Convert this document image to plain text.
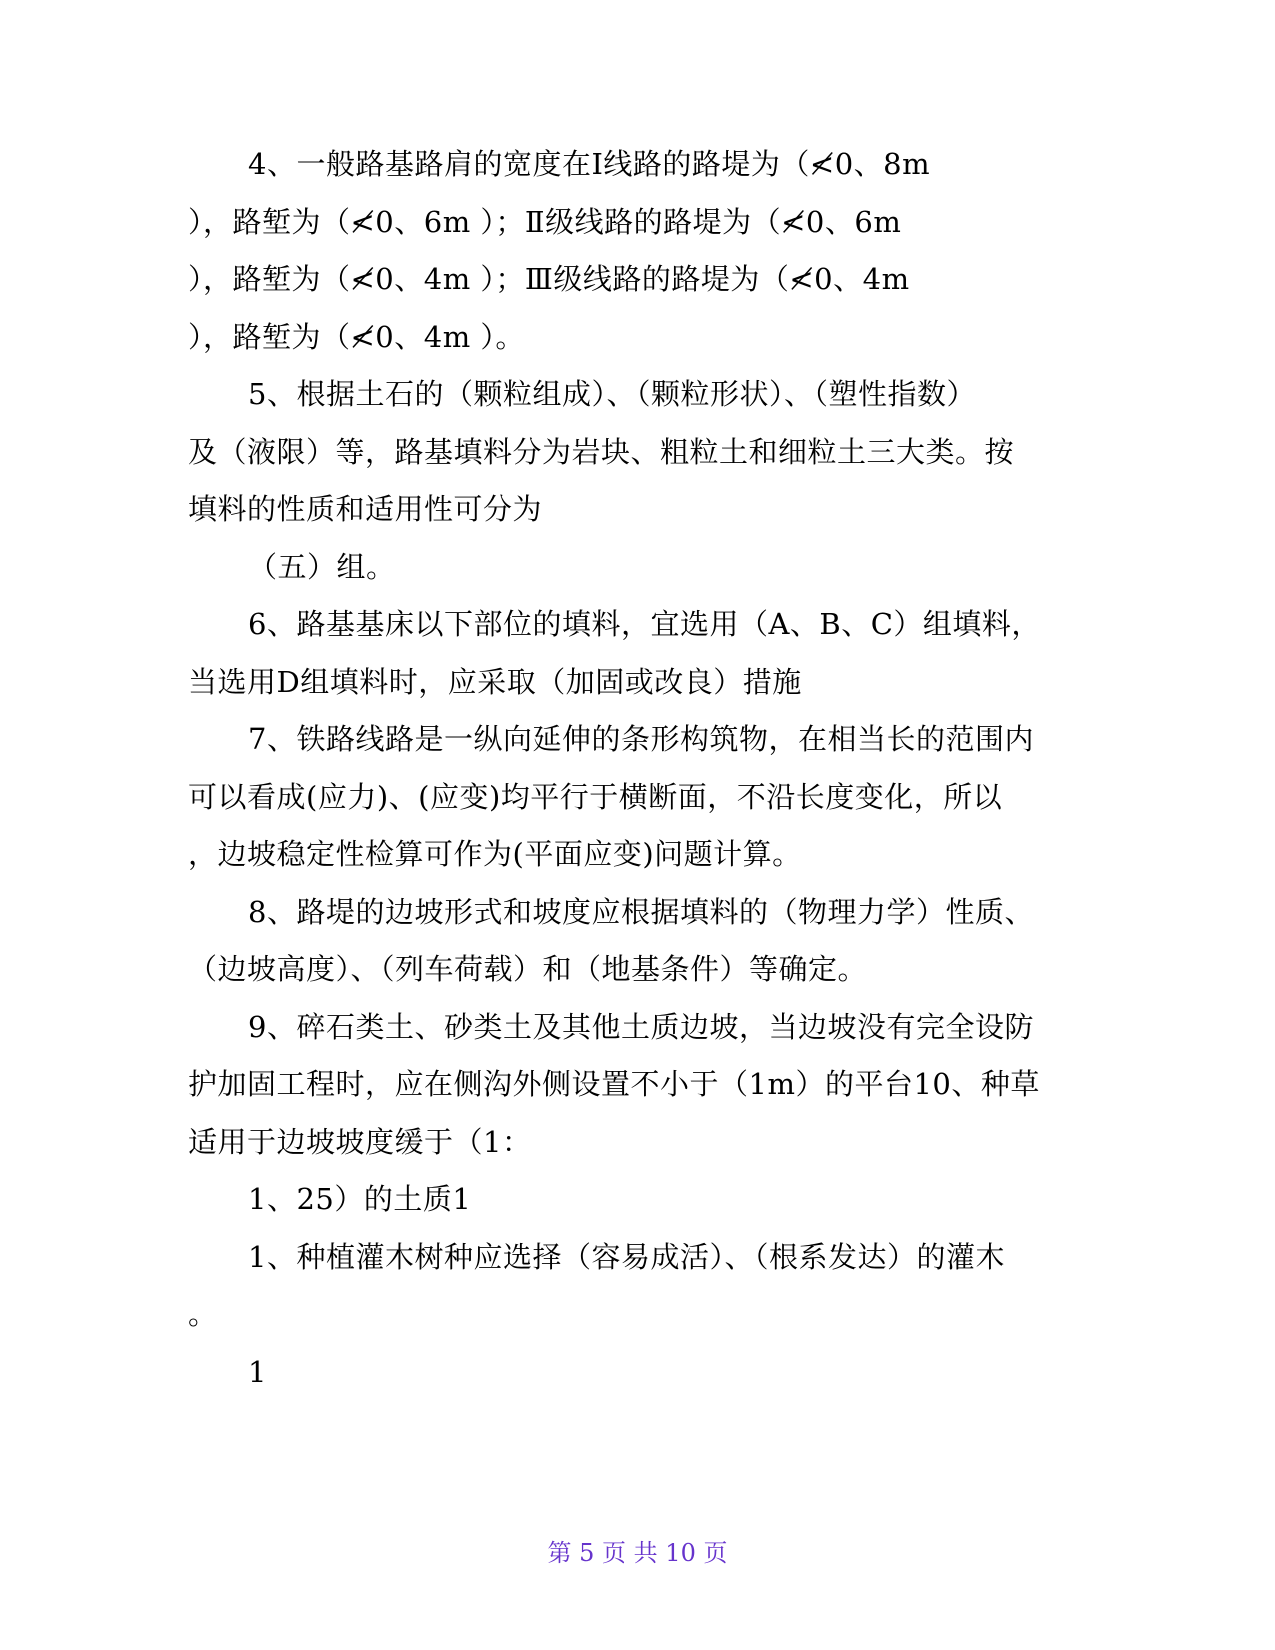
4、一般路基路肩的宽度在Ⅰ线路的路堤为（≮0、8m
），路堑为（≮0、6m ）；Ⅱ级线路的路堤为（≮0、6m
），路堑为（≮0、4m ）；Ⅲ级线路的路堤为（≮0、4m
），路堑为（≮0、4m ）。
5、根据土石的（颗粒组成）、（颗粒形状）、（塑性指数）
及（液限）等，路基填料分为岩块、粗粒土和细粒土三大类。按
填料的性质和适用性可分为
（五）组。
6、路基基床以下部位的填料，宜选用（A、B、C）组填料，
当选用D组填料时，应采取（加固或改良）措施
7、铁路线路是一纵向延伸的条形构筑物，在相当长的范围内
可以看成(应力)、(应变)均平行于横断面，不沿长度变化，所以
，边坡稳定性检算可作为(平面应变)问题计算。
8、路堤的边坡形式和坡度应根据填料的（物理力学）性质、
（边坡高度）、（列车荷载）和（地基条件）等确定。
9、碎石类土、砂类土及其他土质边坡，当边坡没有完全设防
护加固工程时，应在侧沟外侧设置不小于（1m）的平台10、种草
适用于边坡坡度缓于（1：
1、25）的土质1
1、种植灌木树种应选择（容易成活）、（根系发达）的灌木
。
1
第 5 页 共 10 页
